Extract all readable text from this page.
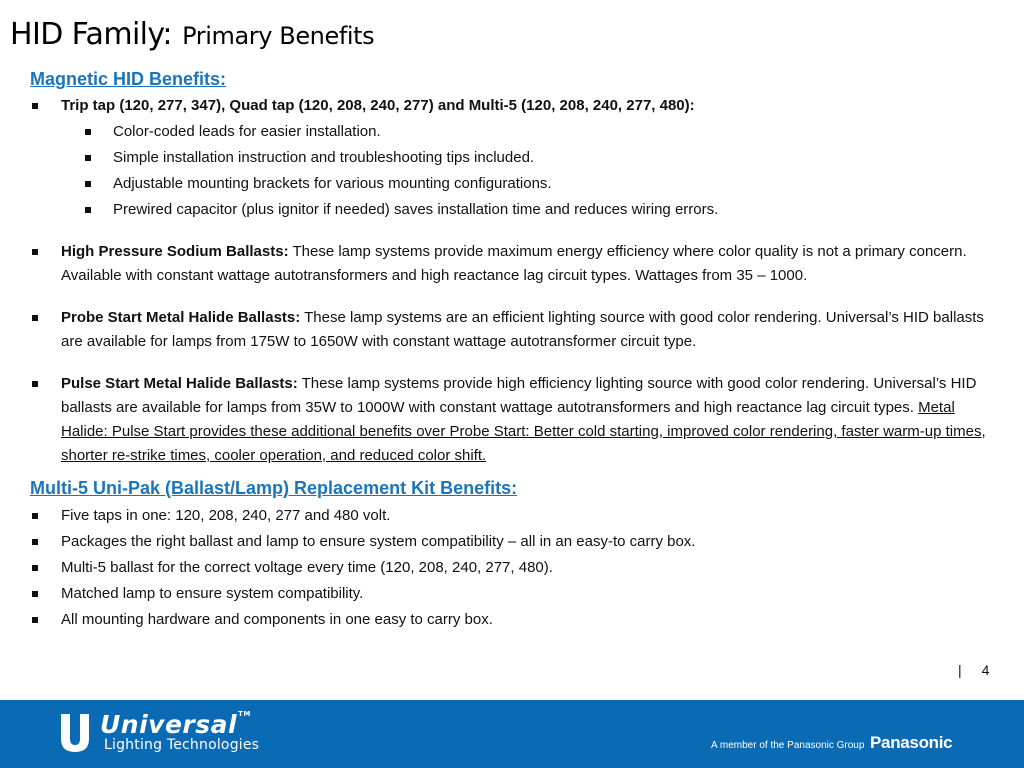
HID Family: Primary Benefits

Magnetic HID Benefits:

Trip tap (120, 277, 347), Quad tap (120, 208, 240, 277) and Multi-5 (120, 208, 240, 277, 480):
Color-coded leads for easier installation.
Simple installation instruction and troubleshooting tips included.
Adjustable mounting brackets for various mounting configurations.
Prewired capacitor (plus ignitor if needed) saves installation time and reduces wiring errors.
High Pressure Sodium Ballasts: These lamp systems provide maximum energy efficiency where color quality is not a primary concern. Available with constant wattage autotransformers and high reactance lag circuit types. Wattages from 35 – 1000.
Probe Start Metal Halide Ballasts: These lamp systems are an efficient lighting source with good color rendering. Universal’s HID ballasts are available for lamps from 175W to 1650W with constant wattage autotransformer circuit type.
Pulse Start Metal Halide Ballasts: These lamp systems provide high efficiency lighting source with good color rendering. Universal’s HID ballasts are available for lamps from 35W to 1000W with constant wattage autotransformers and high reactance lag circuit types. Metal Halide: Pulse Start provides these additional benefits over Probe Start: Better cold starting, improved color rendering, faster warm-up times, shorter re-strike times, cooler operation, and reduced color shift.

Multi-5 Uni-Pak (Ballast/Lamp) Replacement Kit Benefits:

Five taps in one: 120, 208, 240, 277 and 480 volt.
Packages the right ballast and lamp to ensure system compatibility – all in an easy-to carry box.
Multi-5 ballast for the correct voltage every time (120, 208, 240, 277, 480).
Matched lamp to ensure system compatibility.
All mounting hardware and components in one easy to carry box.
| 4
Universal™
Lighting Technologies	A member of the Panasonic Group Panasonic
